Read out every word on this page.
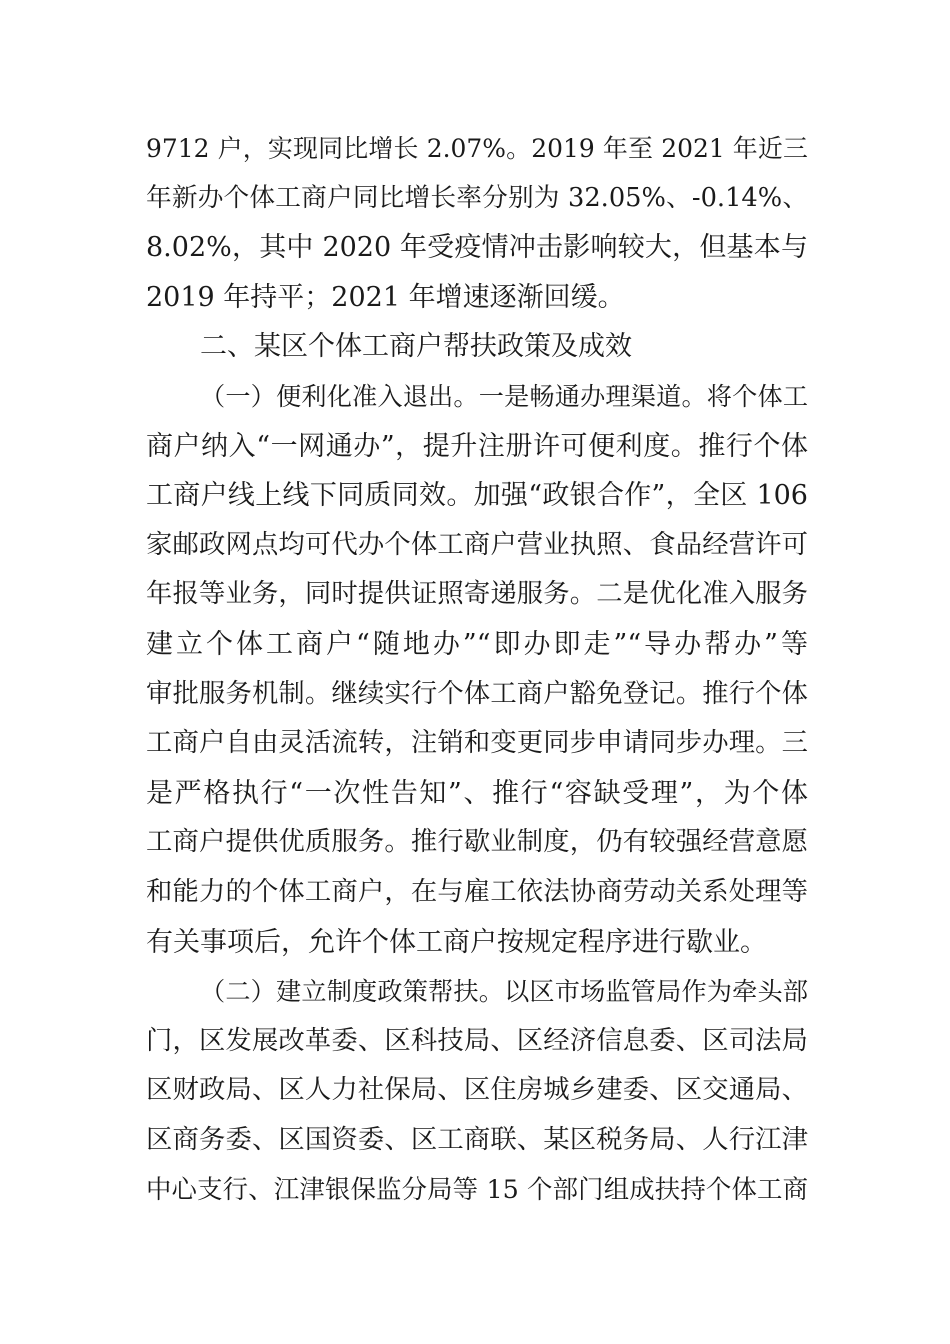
9712 户，实现同比增长 2.07%。2019 年至 2021 年近三
年新办个体工商户同比增长率分别为 32.05%、-0.14%、
8.02%，其中 2020 年受疫情冲击影响较大，但基本与
2019 年持平；2021 年增速逐渐回缓。
二、某区个体工商户帮扶政策及成效
（一）便利化准入退出。一是畅通办理渠道。将个体工
商户纳入“一网通办”，提升注册许可便利度。推行个体
工商户线上线下同质同效。加强“政银合作”，全区 106
家邮政网点均可代办个体工商户营业执照、食品经营许可
年报等业务，同时提供证照寄递服务。二是优化准入服务
建立个体工商户“随地办”“即办即走”“导办帮办”等
审批服务机制。继续实行个体工商户豁免登记。推行个体
工商户自由灵活流转，注销和变更同步申请同步办理。三
是严格执行“一次性告知”、推行“容缺受理”，为个体
工商户提供优质服务。推行歇业制度，仍有较强经营意愿
和能力的个体工商户，在与雇工依法协商劳动关系处理等
有关事项后，允许个体工商户按规定程序进行歇业。
（二）建立制度政策帮扶。以区市场监管局作为牵头部
门，区发展改革委、区科技局、区经济信息委、区司法局
区财政局、区人力社保局、区住房城乡建委、区交通局、
区商务委、区国资委、区工商联、某区税务局、人行江津
中心支行、江津银保监分局等 15 个部门组成扶持个体工商
